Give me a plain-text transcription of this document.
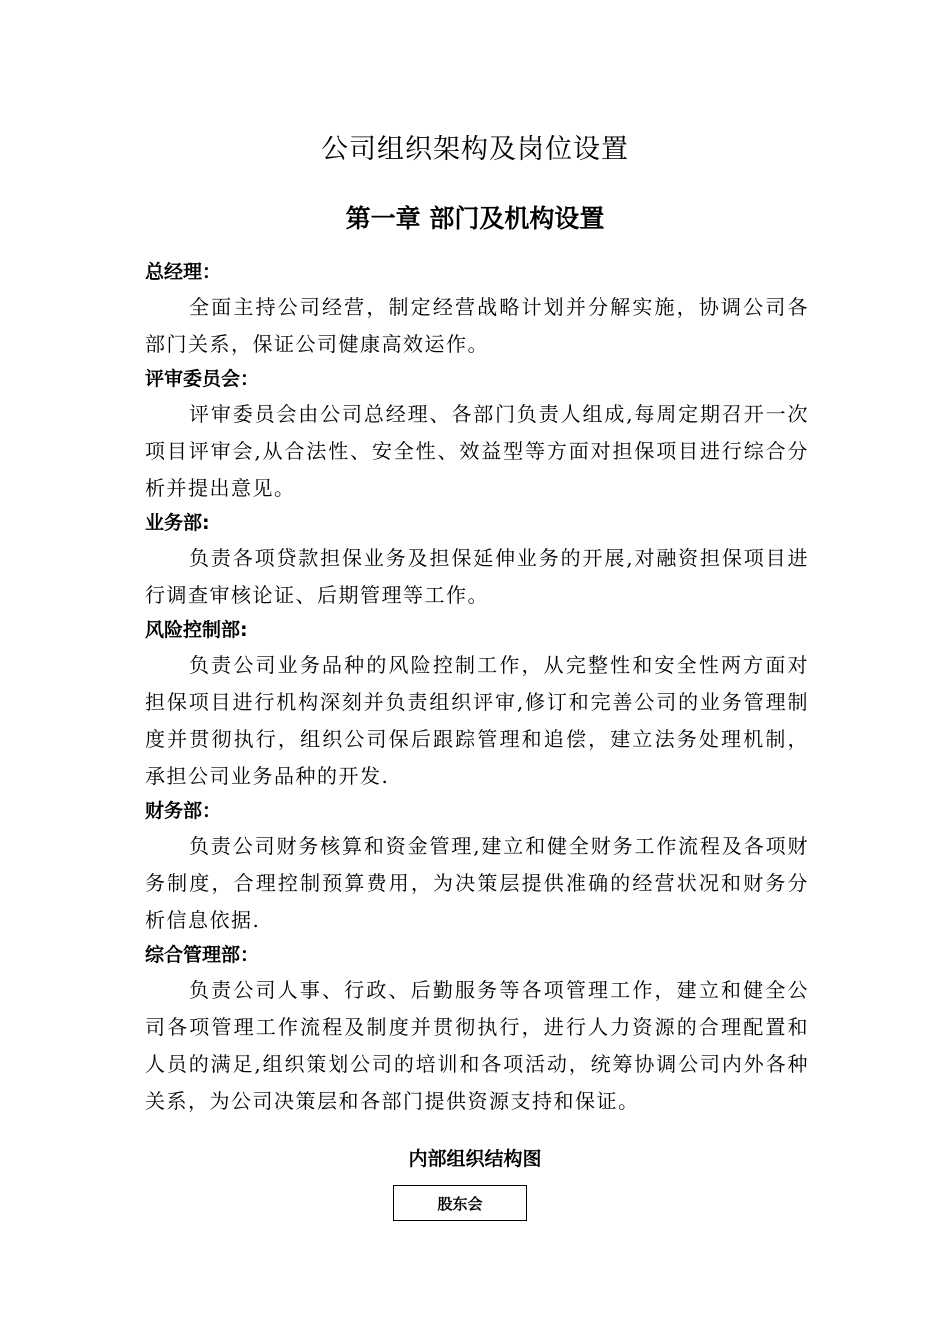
公司组织架构及岗位设置
第一章 部门及机构设置

总经理：

全面主持公司经营，制定经营战略计划并分解实施，协调公司各部门关系，保证公司健康高效运作。

评审委员会：

评审委员会由公司总经理、各部门负责人组成,每周定期召开一次项目评审会,从合法性、安全性、效益型等方面对担保项目进行综合分析并提出意见。

业务部:

负责各项贷款担保业务及担保延伸业务的开展,对融资担保项目进行调查审核论证、后期管理等工作。

风险控制部:

负责公司业务品种的风险控制工作，从完整性和安全性两方面对担保项目进行机构深刻并负责组织评审,修订和完善公司的业务管理制度并贯彻执行，组织公司保后跟踪管理和追偿，建立法务处理机制，承担公司业务品种的开发.

财务部：

负责公司财务核算和资金管理,建立和健全财务工作流程及各项财务制度，合理控制预算费用，为决策层提供准确的经营状况和财务分析信息依据.

综合管理部：

负责公司人事、行政、后勤服务等各项管理工作，建立和健全公司各项管理工作流程及制度并贯彻执行，进行人力资源的合理配置和人员的满足,组织策划公司的培训和各项活动，统筹协调公司内外各种关系，为公司决策层和各部门提供资源支持和保证。

内部组织结构图
股东会
